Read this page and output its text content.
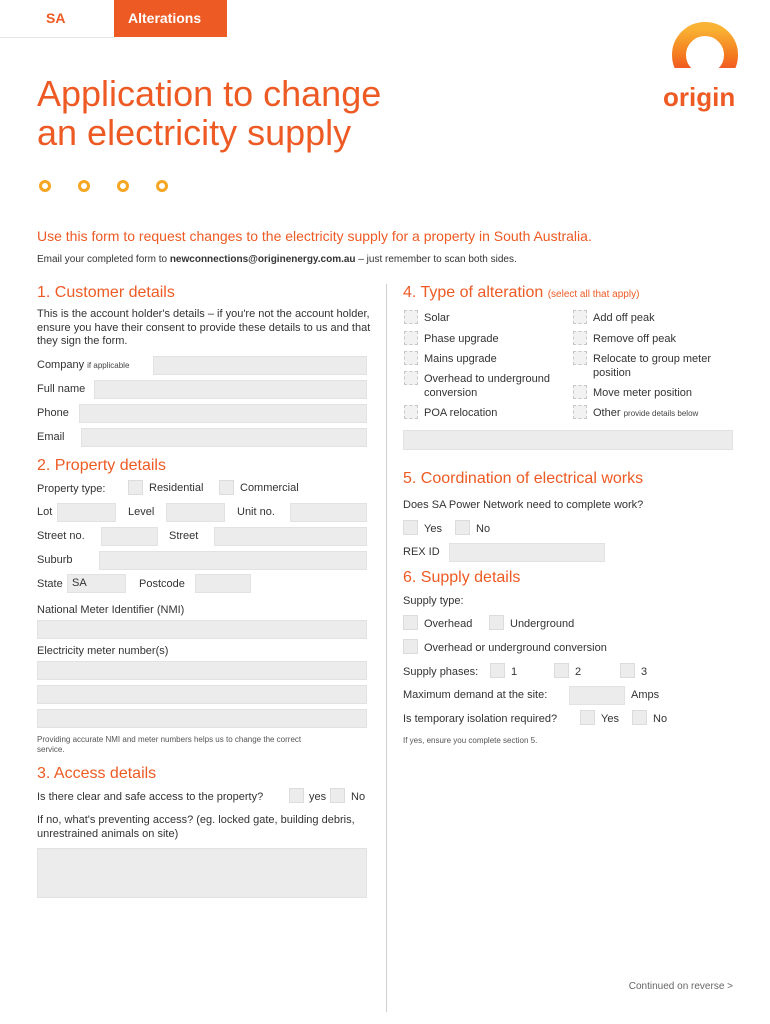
SA	Alterations
origin
Application to change
an electricity supply
Use this form to request changes to the electricity supply for a property in South Australia.
Email your completed form to newconnections@originenergy.com.au – just remember to scan both sides.
1. Customer details
This is the account holder's details – if you're not the account holder, ensure you have their consent to provide these details to us and that they sign the form.
Company if applicable
Full name
Phone
Email
2. Property details
Property type:	Residential	Commercial
Lot	Level	Unit no.
Street no.	Street
Suburb
State SA	Postcode
National Meter Identifier (NMI)
Electricity meter number(s)
Providing accurate NMI and meter numbers helps us to change the correct service.
3. Access details
Is there clear and safe access to the property?	yes No
If no, what's preventing access? (eg. locked gate, building debris, unrestrained animals on site)
4. Type of alteration (select all that apply)
Solar
Phase upgrade
Mains upgrade
Overhead to underground conversion
POA relocation
Add off peak
Remove off peak
Relocate to group meter position
Move meter position
Other provide details below
5. Coordination of electrical works
Does SA Power Network need to complete work?
Yes	No
REX ID
6. Supply details
Supply type:
Overhead	Underground
Overhead or underground conversion
Supply phases:	1	2	3
Maximum demand at the site:	Amps
Is temporary isolation required?	Yes	No
If yes, ensure you complete section 5.
Continued on reverse >
